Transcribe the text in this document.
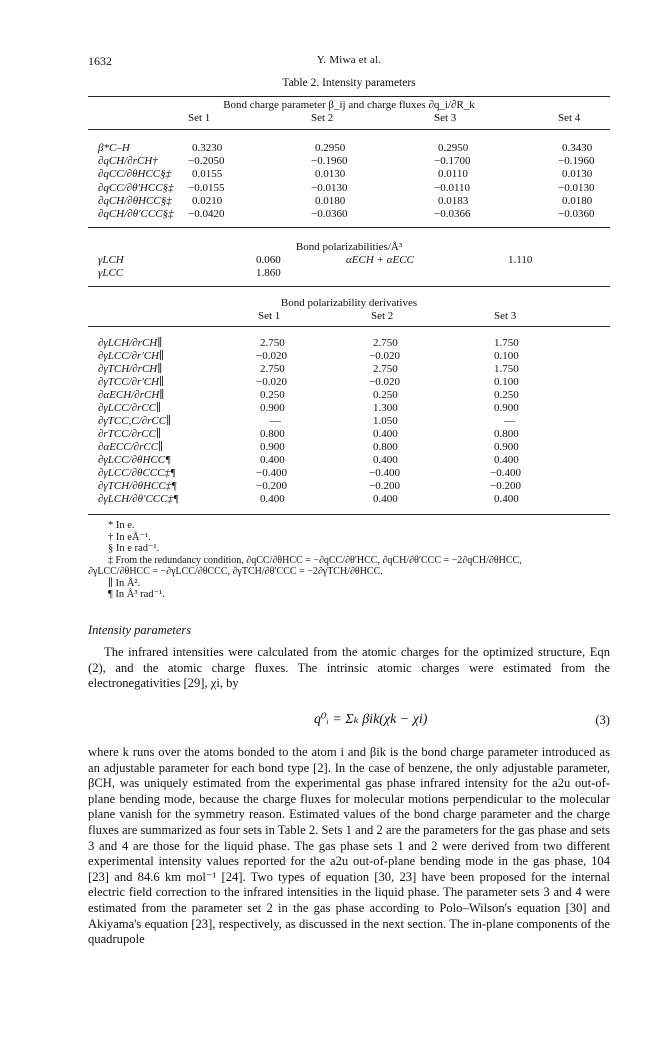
1632	Y. Miwa et al.
Table 2. Intensity parameters
Bond charge parameter β_ij and charge fluxes ∂q_i/∂R_k
Set 1	Set 2	Set 3	Set 4
β*C–H	0.3230	0.2950	0.2950	0.3430
∂qCH/∂rCH†	−0.2050	−0.1960	−0.1700	−0.1960
∂qCC/∂θHCC§‡ 0.0155	0.0130	0.0110	0.0130
∂qCC/∂θ′HCC§‡ −0.0155	−0.0130	−0.0110	−0.0130
∂qCH/∂θHCC§‡ 0.0210	0.0180	0.0183	0.0180
∂qCH/∂θ′CCC§‡ −0.0420	−0.0360	−0.0366	−0.0360
Bond polarizabilities/Å³
γLCH	0.060	αECH + αECC	1.110
γLCC	1.860
Bond polarizability derivatives
Set 1	Set 2	Set 3
∂γLCH/∂rCH∥	2.750	2.750	1.750
∂γLCC/∂r′CH∥	−0.020	−0.020	0.100
∂γTCH/∂rCH∥	2.750	2.750	1.750
∂γTCC/∂r′CH∥	−0.020	−0.020	0.100
∂αECH/∂rCH∥	0.250	0.250	0.250
∂γLCC/∂rCC∥	0.900	1.300	0.900
∂γTCC,C/∂rCC∥	—	1.050	—
∂rTCC/∂rCC∥	0.800	0.400	0.800
∂αECC/∂rCC∥	0.900	0.800	0.900
∂γLCC/∂θHCC¶	0.400	0.400	0.400
∂γLCC/∂θCCC‡¶	−0.400	−0.400	−0.400
∂γTCH/∂θHCC‡¶	−0.200	−0.200	−0.200
∂γLCH/∂θ′CCC‡¶	0.400	0.400	0.400
* In e.
† In eÅ⁻¹.
§ In e rad⁻¹.
‡ From the redundancy condition, ∂qCC/∂θHCC = −∂qCC/∂θ′HCC, ∂qCH/∂θ′CCC = −2∂qCH/∂θHCC,
∂γLCC/∂θHCC = −∂γLCC/∂θCCC, ∂γTCH/∂θ′CCC = −2∂γTCH/∂θHCC.
∥ In Å².
¶ In Å³ rad⁻¹.
Intensity parameters

The infrared intensities were calculated from the atomic charges for the optimized structure, Eqn (2), and the atomic charge fluxes. The intrinsic atomic charges were estimated from the electronegativities [29], χi, by

q⁰ᵢ = Σₖ βik(χk − χi)	(3)

where k runs over the atoms bonded to the atom i and βik is the bond charge parameter introduced as an adjustable parameter for each bond type [2]. In the case of benzene, the only adjustable parameter, βCH, was uniquely estimated from the experimental gas phase infrared intensity for the a2u out-of-plane bending mode, because the charge fluxes for molecular motions perpendicular to the molecular plane vanish for the symmetry reason. Estimated values of the bond charge parameter and the charge fluxes are summarized as four sets in Table 2. Sets 1 and 2 are the parameters for the gas phase and sets 3 and 4 are those for the liquid phase. The gas phase sets 1 and 2 were derived from two different experimental intensity values reported for the a2u out-of-plane bending mode in the gas phase, 104 [23] and 84.6 km mol⁻¹ [24]. Two types of equation [30, 23] have been proposed for the internal electric field correction to the infrared intensities in the liquid phase. The parameter sets 3 and 4 were estimated from the parameter set 2 in the gas phase according to Polo–Wilson's equation [30] and Akiyama's equation [23], respectively, as discussed in the next section. The in-plane components of the quadrupole
